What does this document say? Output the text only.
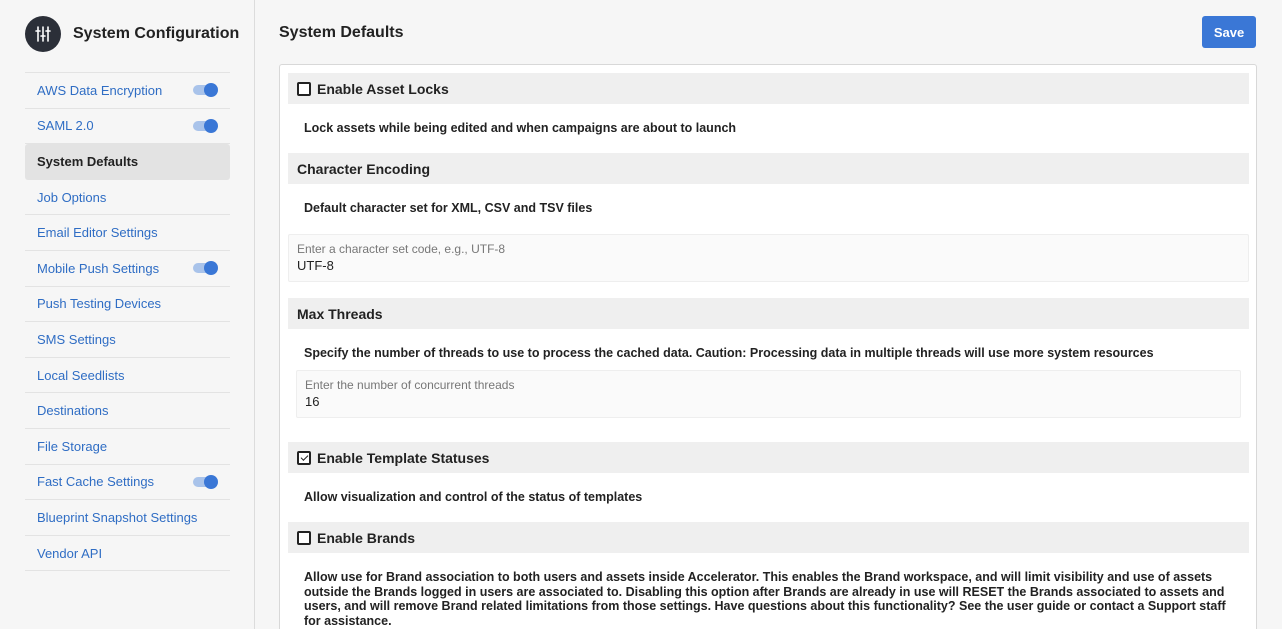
System Configuration
AWS Data Encryption
SAML 2.0
System Defaults
Job Options
Email Editor Settings
Mobile Push Settings
Push Testing Devices
SMS Settings
Local Seedlists
Destinations
File Storage
Fast Cache Settings
Blueprint Snapshot Settings
Vendor API
System Defaults	Save
Enable Asset Locks
Lock assets while being edited and when campaigns are about to launch
Character Encoding
Default character set for XML, CSV and TSV files
Enter a character set code, e.g., UTF-8
UTF-8
Max Threads
Specify the number of threads to use to process the cached data. Caution: Processing data in multiple threads will use more system resources
Enter the number of concurrent threads
16
Enable Template Statuses
Allow visualization and control of the status of templates
Enable Brands
Allow use for Brand association to both users and assets inside Accelerator. This enables the Brand workspace, and will limit visibility and use of assets outside the Brands logged in users are associated to. Disabling this option after Brands are already in use will RESET the Brands associated to assets and users, and will remove Brand related limitations from those settings. Have questions about this functionality? See the user guide or contact a Support staff for assistance.
